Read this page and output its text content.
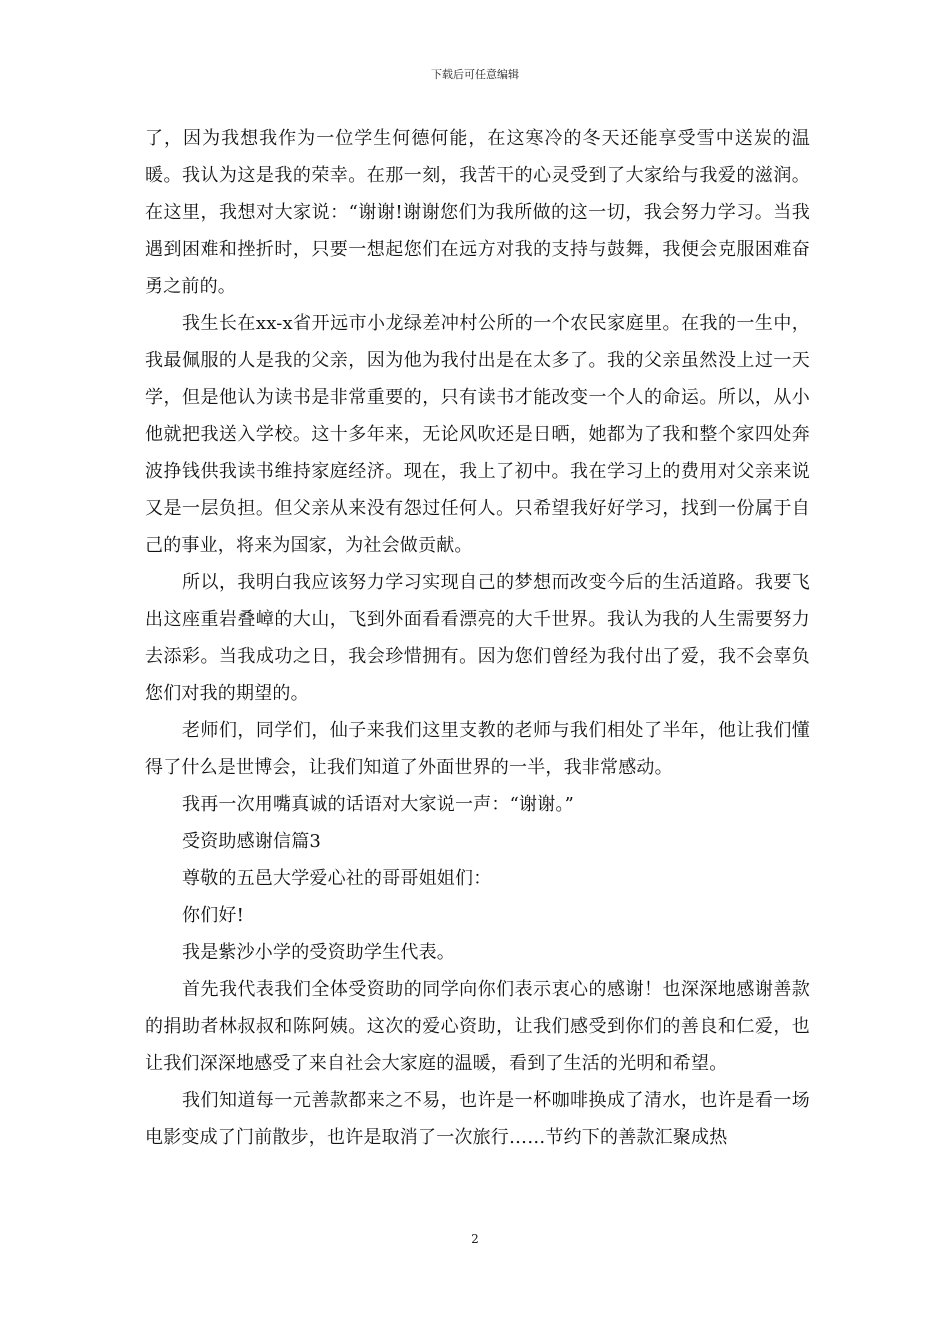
下载后可任意编辑

了，因为我想我作为一位学生何德何能，在这寒冷的冬天还能享受雪中送炭的温暖。我认为这是我的荣幸。在那一刻，我苦干的心灵受到了大家给与我爱的滋润。在这里，我想对大家说：“谢谢!谢谢您们为我所做的这一切，我会努力学习。当我遇到困难和挫折时，只要一想起您们在远方对我的支持与鼓舞，我便会克服困难奋勇之前的。

我生长在xx-x省开远市小龙绿差冲村公所的一个农民家庭里。在我的一生中，我最佩服的人是我的父亲，因为他为我付出是在太多了。我的父亲虽然没上过一天学，但是他认为读书是非常重要的，只有读书才能改变一个人的命运。所以，从小他就把我送入学校。这十多年来，无论风吹还是日晒，她都为了我和整个家四处奔波挣钱供我读书维持家庭经济。现在，我上了初中。我在学习上的费用对父亲来说又是一层负担。但父亲从来没有怨过任何人。只希望我好好学习，找到一份属于自己的事业，将来为国家，为社会做贡献。

所以，我明白我应该努力学习实现自己的梦想而改变今后的生活道路。我要飞出这座重岩叠嶂的大山，飞到外面看看漂亮的大千世界。我认为我的人生需要努力去添彩。当我成功之日，我会珍惜拥有。因为您们曾经为我付出了爱，我不会辜负您们对我的期望的。

老师们，同学们，仙子来我们这里支教的老师与我们相处了半年，他让我们懂得了什么是世博会，让我们知道了外面世界的一半，我非常感动。

我再一次用嘴真诚的话语对大家说一声：“谢谢。”

受资助感谢信篇3

尊敬的五邑大学爱心社的哥哥姐姐们：

你们好!

我是紫沙小学的受资助学生代表。

首先我代表我们全体受资助的同学向你们表示衷心的感谢！也深深地感谢善款的捐助者林叔叔和陈阿姨。这次的爱心资助，让我们感受到你们的善良和仁爱，也让我们深深地感受了来自社会大家庭的温暖，看到了生活的光明和希望。

我们知道每一元善款都来之不易，也许是一杯咖啡换成了清水，也许是看一场电影变成了门前散步，也许是取消了一次旅行……节约下的善款汇聚成热

2
